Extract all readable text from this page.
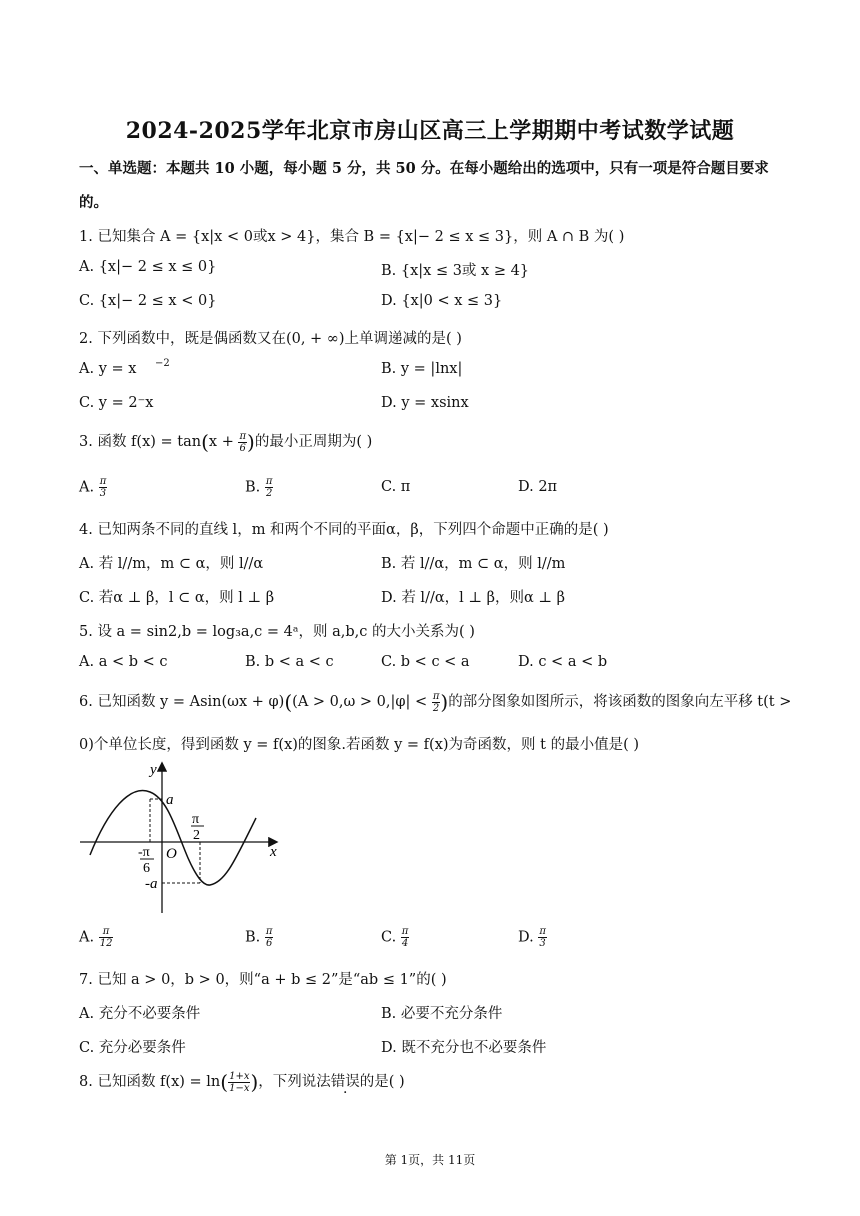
2024-2025学年北京市房山区高三上学期期中考试数学试题
一、单选题：本题共 10 小题，每小题 5 分，共 50 分。在每小题给出的选项中，只有一项是符合题目要求
的。
1. 已知集合 A = {x|x < 0或x > 4}，集合 B = {x|− 2 ≤ x ≤ 3}，则 A ∩ B 为( )
A. {x|− 2 ≤ x ≤ 0}	B. {x|x ≤ 3或 x ≥ 4}
C. {x|− 2 ≤ x < 0}	D. {x|0 < x ≤ 3}
2. 下列函数中，既是偶函数又在(0, + ∞)上单调递减的是( )
A. y = x $^{-2}$	B. y = |lnx|
C. y = 2⁻x	D. y = xsinx
3. 函数 $f(x) = \tan(x + \frac{\pi}{6}$ )的最小正周期为( )
A. $\frac{\pi}{3}$	B. $\frac{\pi}{2}$	C. π	D. 2π
4. 已知两条不同的直线 l，m 和两个不同的平面α，β，下列四个命题中正确的是( )
A. 若 l//m，m ⊂ α，则 l//α	B. 若 l//α，m ⊂ α，则 l//m
C. 若α ⊥ β，l ⊂ α，则 l ⊥ β	D. 若 l//α，l ⊥ β，则α ⊥ β
5. 设 a = sin2,b = log₃a,c = 4ᵃ，则 a,b,c 的大小关系为( )
A. a < b < c	B. b < a < c	C. b < c < a	D. c < a < b
6. 已知函数 $y = Asin(\omega x + \varphi)((A > 0,\omega > 0,|\varphi| < \frac{\pi}{2}$ )的部分图象如图所示，将该函数的图象向左平移 t(t >
0)个单位长度，得到函数 y = f(x)的图象.若函数 y = f(x)为奇函数，则 t 的最小值是( )
y
x
O
a
-a
π
2
-π
6
A. $\frac{\pi}{12}$	B. $\frac{\pi}{6}$	C. $\frac{\pi}{4}$	D. $\frac{\pi}{3}$
7. 已知 a > 0，b > 0，则“a + b ≤ 2”是“ab ≤ 1”的( )
A. 充分不必要条件	B. 必要不充分条件
C. 充分必要条件	D. 既不充分也不必要条件
8. 已知函数 $f(x) = \ln( \frac{1+x}{1-x}$ )，下列说法错误的是( )
第 1页，共 11页
